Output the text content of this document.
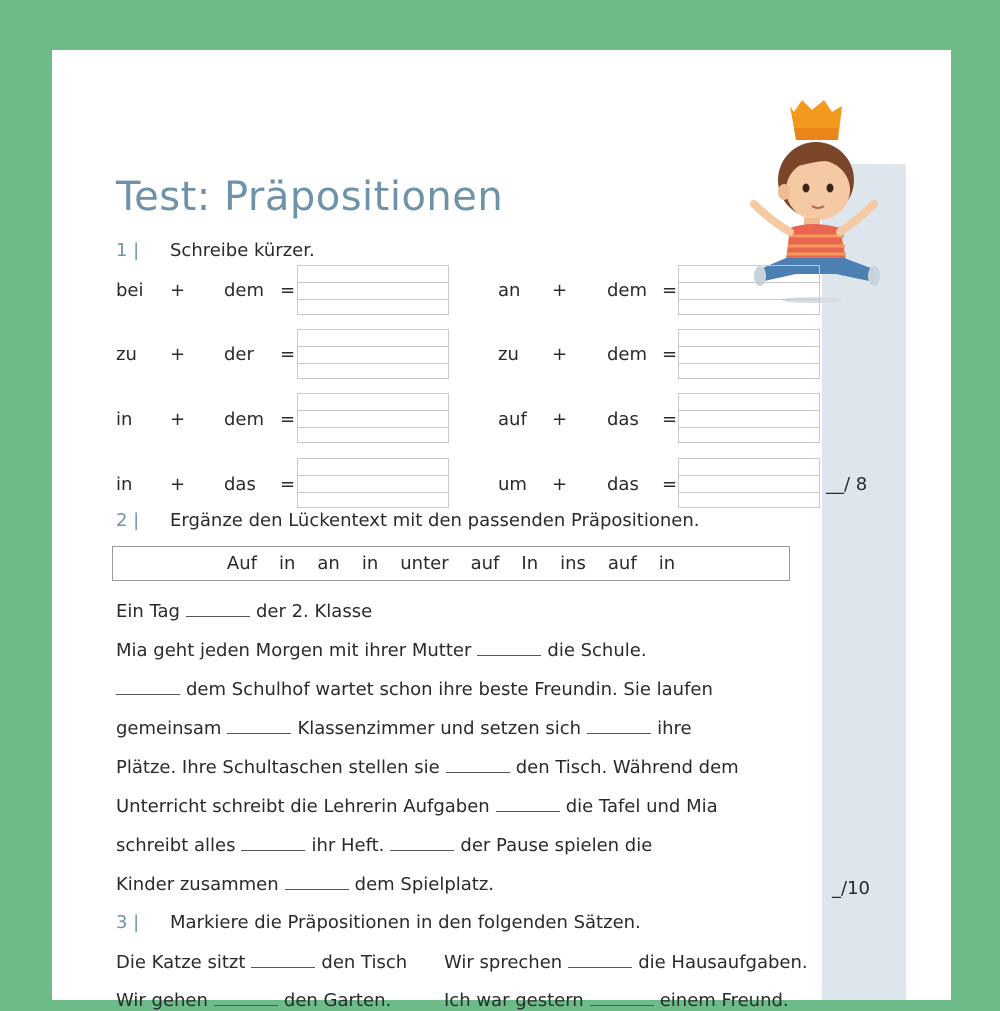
Test: Präpositionen
1 | Schreibe kürzer.
bei + dem =	an + dem =
zu + der =	zu + dem =
in + dem =	auf + das =
in + das =	um + das =	__/ 8
2 | Ergänze den Lückentext mit den passenden Präpositionen.
Auf in an in unter auf In ins auf in
Ein Tag	der 2. Klasse
Mia geht jeden Morgen mit ihrer Mutter	die Schule.
dem Schulhof wartet schon ihre beste Freundin. Sie laufen
gemeinsam	Klassenzimmer und setzen sich	ihre
Plätze. Ihre Schultaschen stellen sie	den Tisch. Während dem
Unterricht schreibt die Lehrerin Aufgaben	die Tafel und Mia
schreibt alles	ihr Heft.	der Pause spielen die
Kinder zusammen	dem Spielplatz.	_/10
3 | Markiere die Präpositionen in den folgenden Sätzen.
Die Katze sitzt	den Tisch Wir sprechen	die Hausaufgaben.
Wir gehen	den Garten.	Ich war gestern	einem Freund.
